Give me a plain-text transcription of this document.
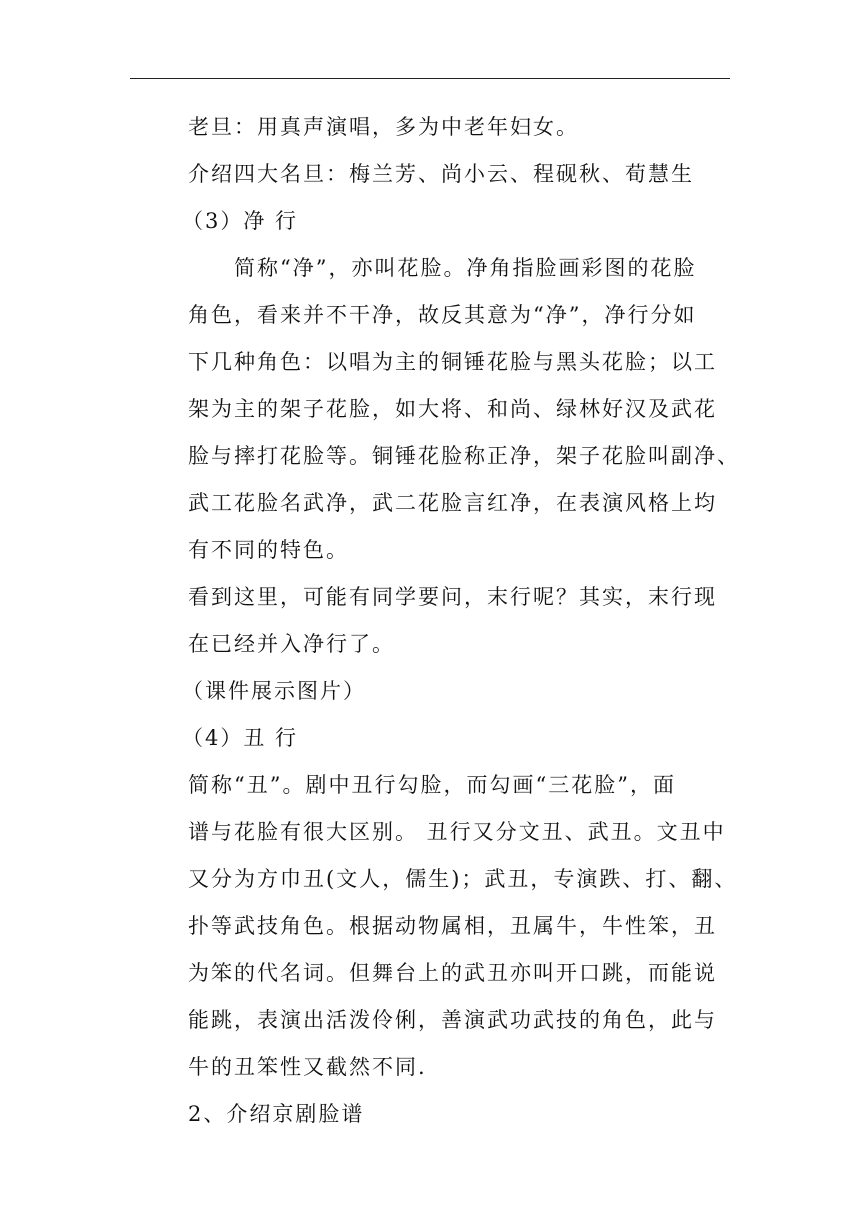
老旦：用真声演唱，多为中老年妇女。
介绍四大名旦：梅兰芳、尚小云、程砚秋、荀慧生
（3）净 行
简称“净”，亦叫花脸。净角指脸画彩图的花脸
角色，看来并不干净，故反其意为“净”，净行分如
下几种角色：以唱为主的铜锤花脸与黑头花脸；以工
架为主的架子花脸，如大将、和尚、绿林好汉及武花
脸与摔打花脸等。铜锤花脸称正净，架子花脸叫副净、
武工花脸名武净，武二花脸言红净，在表演风格上均
有不同的特色。
看到这里，可能有同学要问，末行呢？其实，末行现
在已经并入净行了。
（课件展示图片）
（4）丑 行
简称“丑”。剧中丑行勾脸，而勾画“三花脸”，面
谱与花脸有很大区别。 丑行又分文丑、武丑。文丑中
又分为方巾丑(文人，儒生)；武丑，专演跌、打、翻、
扑等武技角色。根据动物属相，丑属牛，牛性笨，丑
为笨的代名词。但舞台上的武丑亦叫开口跳，而能说
能跳，表演出活泼伶俐，善演武功武技的角色，此与
牛的丑笨性又截然不同.
2、介绍京剧脸谱
